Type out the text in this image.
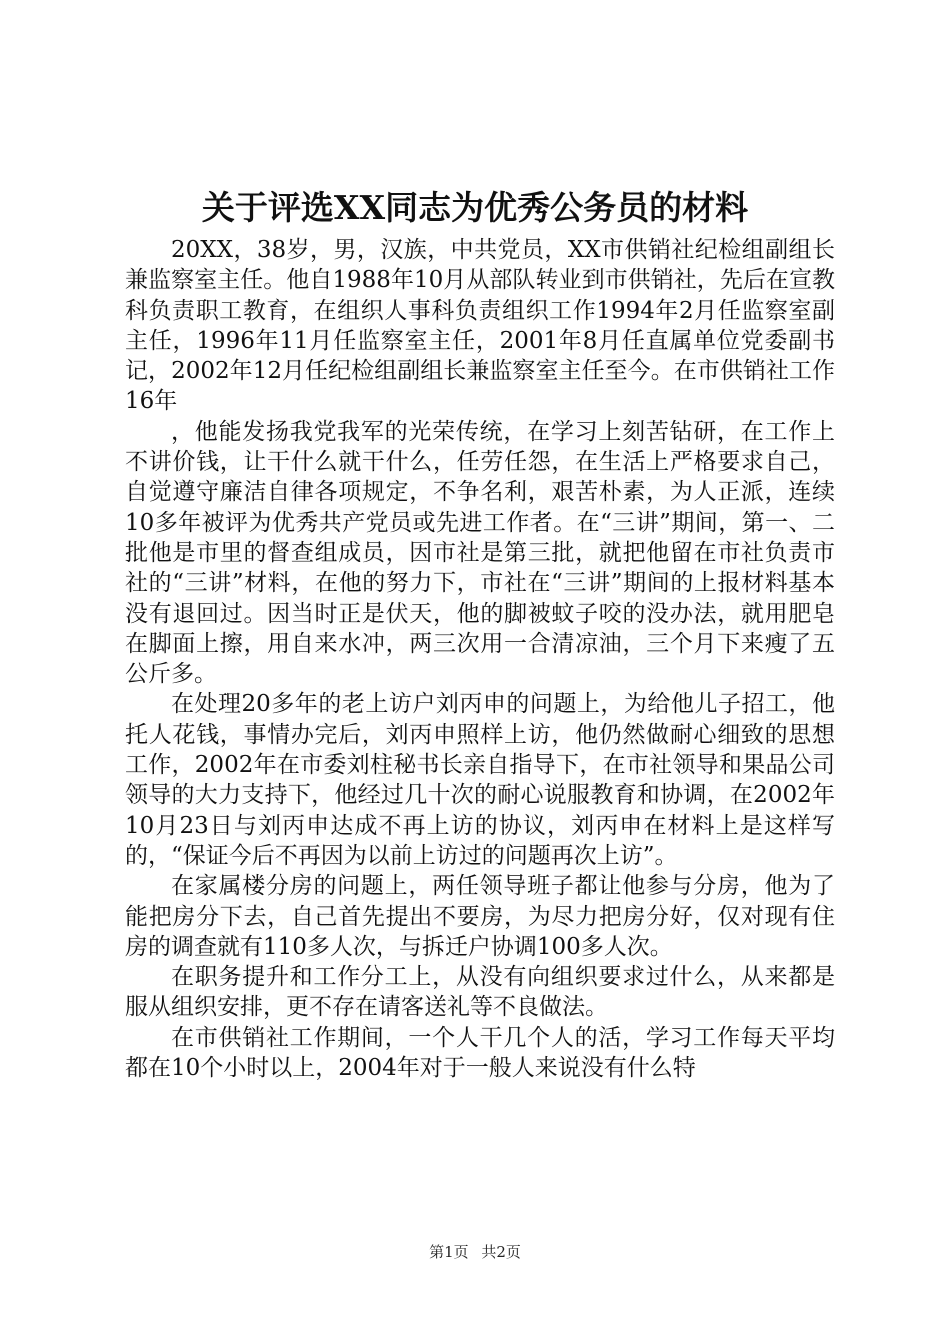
关于评选XX同志为优秀公务员的材料

20XX，38岁，男，汉族，中共党员，XX市供销社纪检组副组长兼监察室主任。他自1988年10月从部队转业到市供销社，先后在宣教科负责职工教育，在组织人事科负责组织工作1994年2月任监察室副主任，1996年11月任监察室主任，2001年8月任直属单位党委副书记，2002年12月任纪检组副组长兼监察室主任至今。在市供销社工作16年

，他能发扬我党我军的光荣传统，在学习上刻苦钻研，在工作上不讲价钱，让干什么就干什么，任劳任怨，在生活上严格要求自己，自觉遵守廉洁自律各项规定，不争名利，艰苦朴素，为人正派，连续10多年被评为优秀共产党员或先进工作者。在“三讲”期间，第一、二批他是市里的督查组成员，因市社是第三批，就把他留在市社负责市社的“三讲”材料，在他的努力下，市社在“三讲”期间的上报材料基本没有退回过。因当时正是伏天，他的脚被蚊子咬的没办法，就用肥皂在脚面上擦，用自来水冲，两三次用一合清凉油，三个月下来瘦了五公斤多。

在处理20多年的老上访户刘丙申的问题上，为给他儿子招工，他托人花钱，事情办完后，刘丙申照样上访，他仍然做耐心细致的思想工作，2002年在市委刘柱秘书长亲自指导下，在市社领导和果品公司领导的大力支持下，他经过几十次的耐心说服教育和协调，在2002年10月23日与刘丙申达成不再上访的协议，刘丙申在材料上是这样写的，“保证今后不再因为以前上访过的问题再次上访”。

在家属楼分房的问题上，两任领导班子都让他参与分房，他为了能把房分下去，自己首先提出不要房，为尽力把房分好，仅对现有住房的调查就有110多人次，与拆迁户协调100多人次。

在职务提升和工作分工上，从没有向组织要求过什么，从来都是服从组织安排，更不存在请客送礼等不良做法。

在市供销社工作期间，一个人干几个人的活，学习工作每天平均都在10个小时以上，2004年对于一般人来说没有什么特

第1页 共2页
